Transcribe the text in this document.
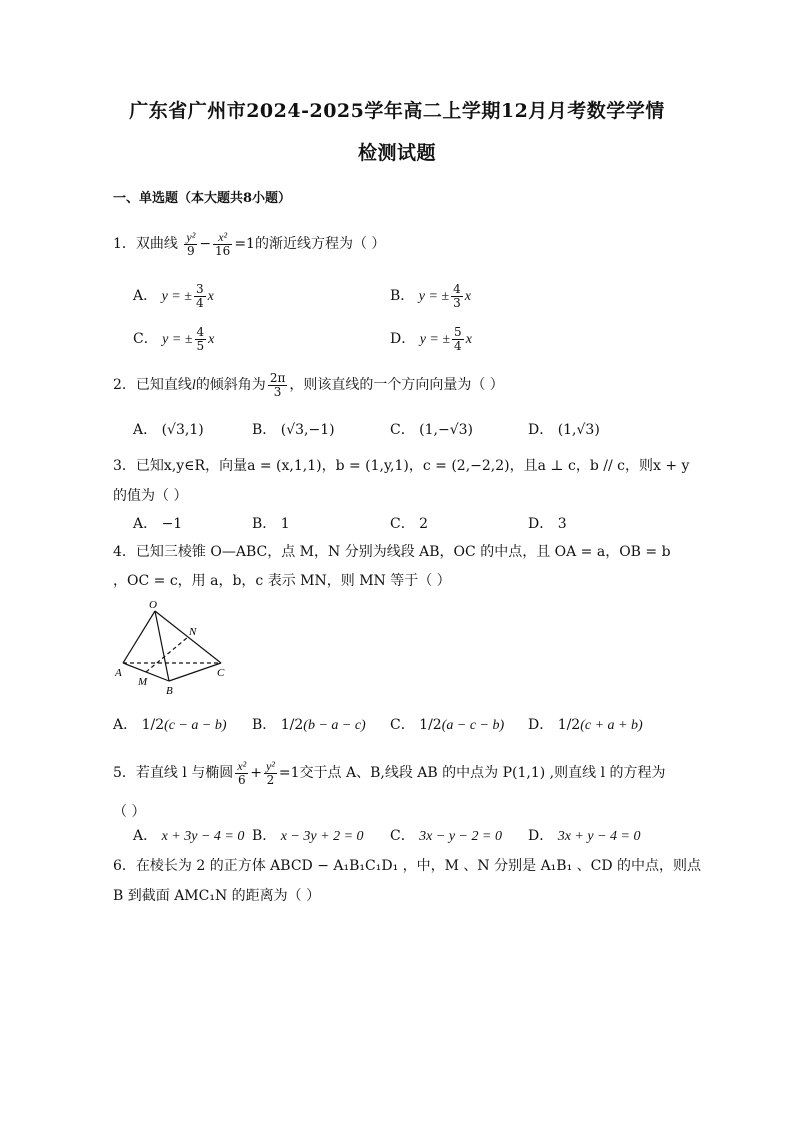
广东省广州市2024-2025学年高二上学期12月月考数学学情
检测试题
一、单选题（本大题共8小题）
1．双曲线 $\frac{\text{y²}}{9} - \frac{\text{x²}}{16} =1$的渐近线方程为（ ）
A． y = ± $\frac{3}{4}$ x	B． y = ± $\frac{4}{3}$ x
C． y = ± $\frac{4}{5}$ x	D． y = ± $\frac{5}{4}$ x
2．已知直线l的倾斜角为 $\frac{2\pi}{3}$ ，则该直线的一个方向向量为（ ）
A． (√3,1)	B． (√3,−1)	C． (1,−√3)	D． (1,√3)
3．已知x,y∈R，向量a = (x,1,1)，b = (1,y,1)，c = (2,−2,2)，且a ⊥ c，b // c，则x + y
的值为（ ）
A． −1	B． 1	C． 2	D． 3
4．已知三棱锥 O—ABC，点 M，N 分别为线段 AB，OC 的中点，且 OA = a，OB = b
，OC = c，用 a，b，c 表示 MN，则 MN 等于（ ）
O
N
A
M
B
C
A． 1/2(c − a − b) B． 1/2(b − a − c) C． 1/2(a − c − b) D． 1/2(c + a + b)
5．若直线 l 与椭圆 $\frac{\text{x²}}{6} + \frac{\text{y²}}{2} =1$交于点 A、B,线段 AB 的中点为 P(1,1) ,则直线 l 的方程为
（ ）
A． x + 3y − 4 = 0 B． x − 3y + 2 = 0 C． 3x − y − 2 = 0 D． 3x + y − 4 = 0
6．在棱长为 2 的正方体 ABCD − A₁B₁C₁D₁ ，中，M 、N 分别是 A₁B₁ 、CD 的中点，则点
B 到截面 AMC₁N 的距离为（ ）
